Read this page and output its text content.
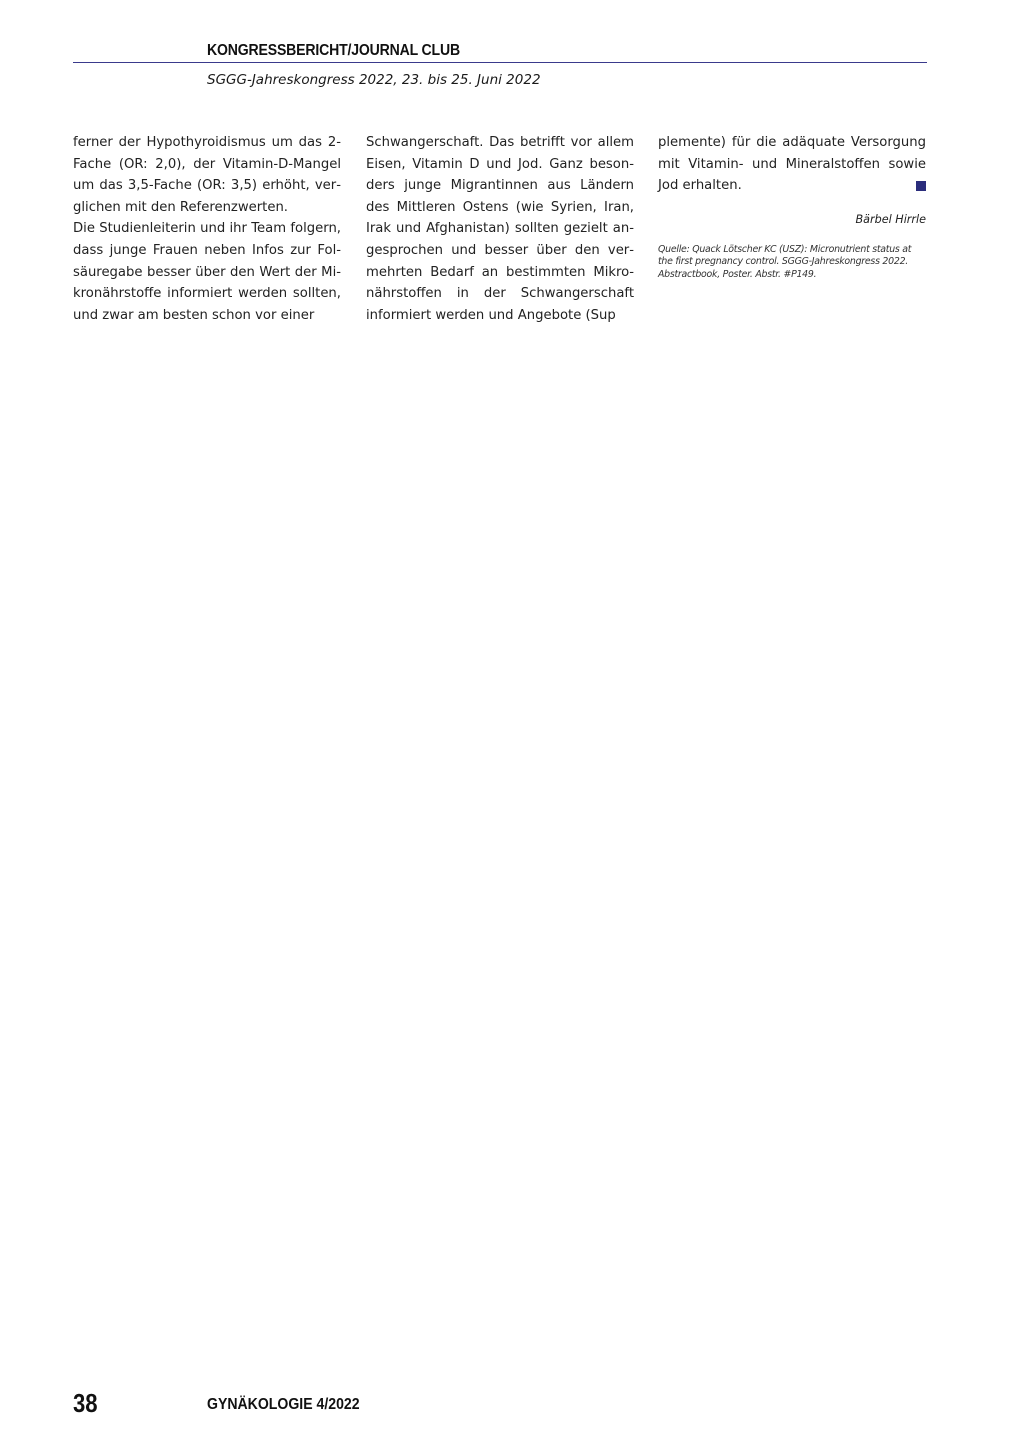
KONGRESSBERICHT/JOURNAL CLUB
SGGG-Jahreskongress 2022, 23. bis 25. Juni 2022

ferner der Hypothyroidismus um das 2-Fache (OR: 2,0), der Vitamin-D-Mangel um das 3,5-Fache (OR: 3,5) erhöht, verglichen mit den Referenzwerten.

Die Studienleiterin und ihr Team folgern, dass junge Frauen neben Infos zur Folsäuregabe besser über den Wert der Mikronährstoffe informiert werden sollten, und zwar am besten schon vor einer

Schwangerschaft. Das betrifft vor allem Eisen, Vitamin D und Jod. Ganz besonders junge Migrantinnen aus Ländern des Mittleren Ostens (wie Syrien, Iran, Irak und Afghanistan) sollten gezielt angesprochen und besser über den vermehrten Bedarf an bestimmten Mikronährstoffen in der Schwangerschaft informiert werden und Angebote (Sup

plemente) für die adäquate Versorgung mit Vitamin- und Mineralstoffen sowie Jod erhalten.

Bärbel Hirrle
Quelle: Quack Lötscher KC (USZ): Micronutrient status at the first pregnancy control. SGGG-Jahreskongress 2022. Abstractbook, Poster. Abstr. #P149.
38	GYNÄKOLOGIE 4/2022
